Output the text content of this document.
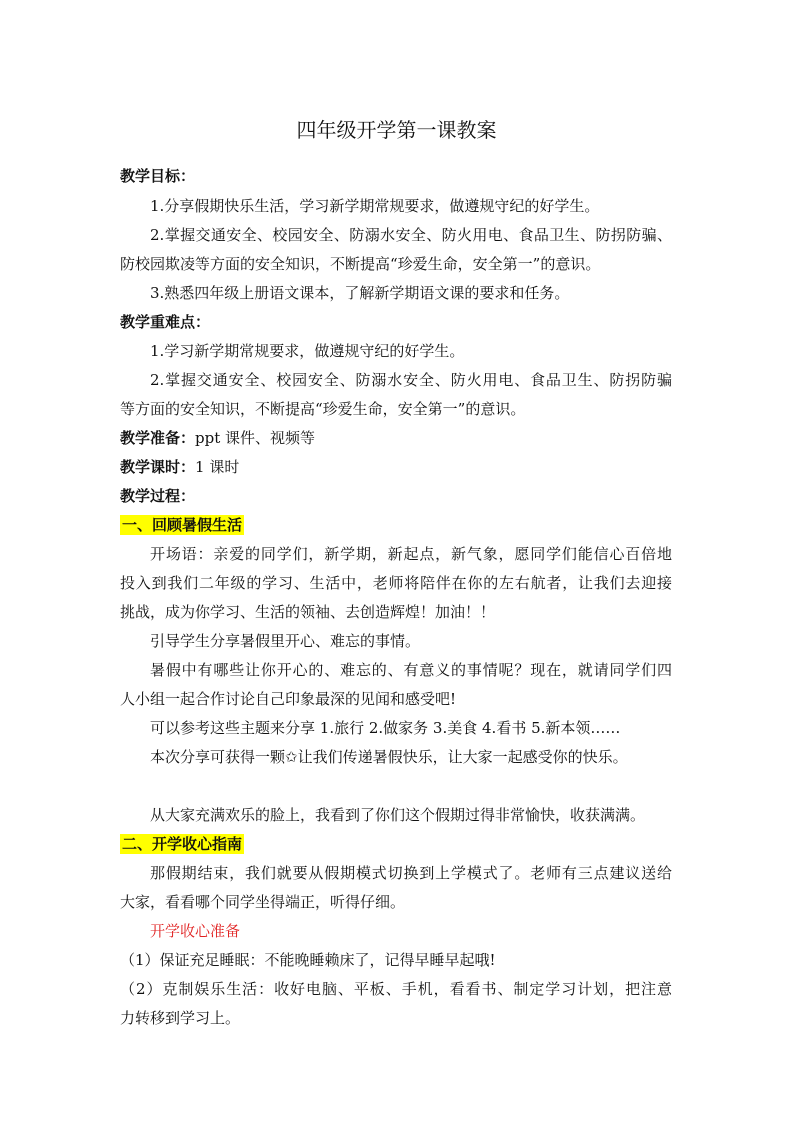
四年级开学第一课教案
教学目标：
1.分享假期快乐生活，学习新学期常规要求，做遵规守纪的好学生。
2.掌握交通安全、校园安全、防溺水安全、防火用电、食品卫生、防拐防骗、
防校园欺凌等方面的安全知识，不断提高“珍爱生命，安全第一”的意识。
3.熟悉四年级上册语文课本，了解新学期语文课的要求和任务。
教学重难点：
1.学习新学期常规要求，做遵规守纪的好学生。
2.掌握交通安全、校园安全、防溺水安全、防火用电、食品卫生、防拐防骗
等方面的安全知识，不断提高“珍爱生命，安全第一”的意识。
教学准备：ppt 课件、视频等
教学课时：1 课时
教学过程：
一、回顾暑假生活
开场语：亲爱的同学们，新学期，新起点，新气象，愿同学们能信心百倍地
投入到我们二年级的学习、生活中，老师将陪伴在你的左右航者，让我们去迎接
挑战，成为你学习、生活的领袖、去创造辉煌！加油！！
引导学生分享暑假里开心、难忘的事情。
暑假中有哪些让你开心的、难忘的、有意义的事情呢？现在，就请同学们四
人小组一起合作讨论自己印象最深的见闻和感受吧!
可以参考这些主题来分享 1.旅行 2.做家务 3.美食 4.看书 5.新本领……
本次分享可获得一颗✩让我们传递暑假快乐，让大家一起感受你的快乐。
从大家充满欢乐的脸上，我看到了你们这个假期过得非常愉快，收获满满。
二、开学收心指南
那假期结束，我们就要从假期模式切换到上学模式了。老师有三点建议送给
大家，看看哪个同学坐得端正，听得仔细。
开学收心准备
（1）保证充足睡眠：不能晚睡赖床了，记得早睡早起哦!
（2）克制娱乐生活：收好电脑、平板、手机，看看书、制定学习计划，把注意
力转移到学习上。
